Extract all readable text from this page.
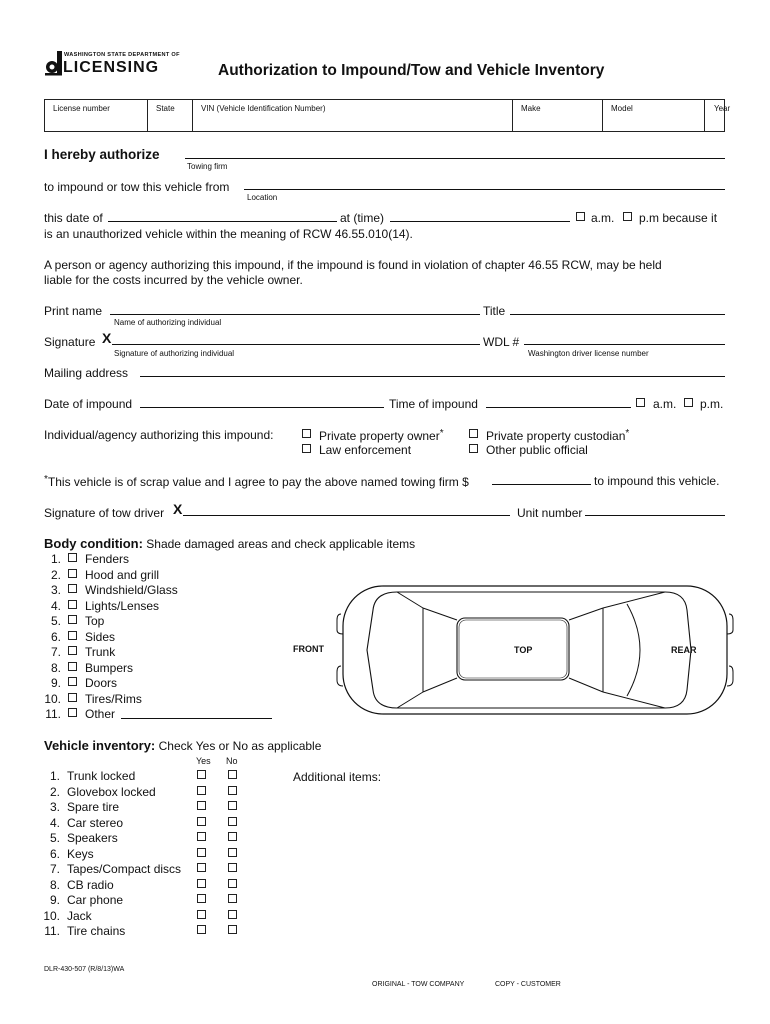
WASHINGTON STATE DEPARTMENT OF
LICENSING	Authorization to Impound/Tow and Vehicle Inventory
License number	State	VIN (Vehicle Identification Number)	Make	Model	Year
I hereby authorize
Towing firm
to impound or tow this vehicle from
Location
this date of	at (time)	a.m. p.m because it
is an unauthorized vehicle within the meaning of RCW 46.55.010(14).
A person or agency authorizing this impound, if the impound is found in violation of chapter 46.55 RCW, may be held
liable for the costs incurred by the vehicle owner.
Print name	Title
Name of authorizing individual
Signature X	WDL #
Signature of authorizing individual	Washington driver license number
Mailing address
Date of impound	Time of impound	a.m. p.m.
Individual/agency authorizing this impound:	Private property owner*	Private property custodian*
Law enforcement	Other public official
*This vehicle is of scrap value and I agree to pay the above named towing firm $	to impound this vehicle.
Signature of tow driver X	Unit number
Body condition: Shade damaged areas and check applicable items
1. Fenders
2. Hood and grill
3. Windshield/Glass
4. Lights/Lenses
5. Top
6. Sides
7. Trunk
8. Bumpers
9. Doors
10. Tires/Rims
11. Other
FRONT	TOP	REAR
Vehicle inventory: Check Yes or No as applicable
Yes No
Additional items:
1. Trunk locked
2. Glovebox locked
3. Spare tire
4. Car stereo
5. Speakers
6. Keys
7. Tapes/Compact discs
8. CB radio
9. Car phone
10. Jack
11. Tire chains
DLR-430-507 (R/8/13)WA
ORIGINAL - TOW COMPANY	COPY - CUSTOMER
